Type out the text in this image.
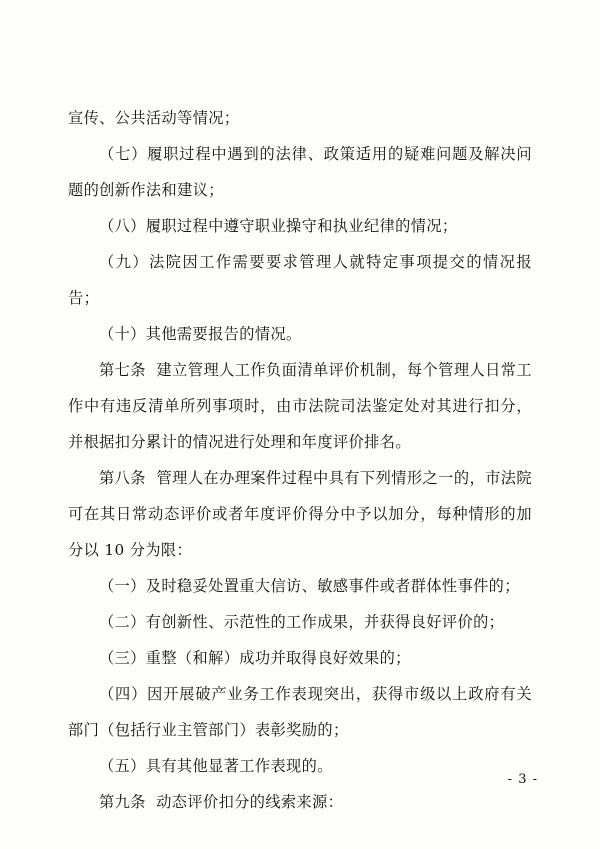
宣传、公共活动等情况；

（七）履职过程中遇到的法律、政策适用的疑难问题及解决问题的创新作法和建议；

（八）履职过程中遵守职业操守和执业纪律的情况；

（九）法院因工作需要要求管理人就特定事项提交的情况报告；

（十）其他需要报告的情况。

第七条  建立管理人工作负面清单评价机制，每个管理人日常工作中有违反清单所列事项时，由市法院司法鉴定处对其进行扣分，并根据扣分累计的情况进行处理和年度评价排名。

第八条  管理人在办理案件过程中具有下列情形之一的，市法院可在其日常动态评价或者年度评价得分中予以加分，每种情形的加分以 10 分为限：

（一）及时稳妥处置重大信访、敏感事件或者群体性事件的；

（二）有创新性、示范性的工作成果，并获得良好评价的；

（三）重整（和解）成功并取得良好效果的；

（四）因开展破产业务工作表现突出，获得市级以上政府有关部门（包括行业主管部门）表彰奖励的；

（五）具有其他显著工作表现的。

第九条  动态评价扣分的线索来源：

- 3 -
